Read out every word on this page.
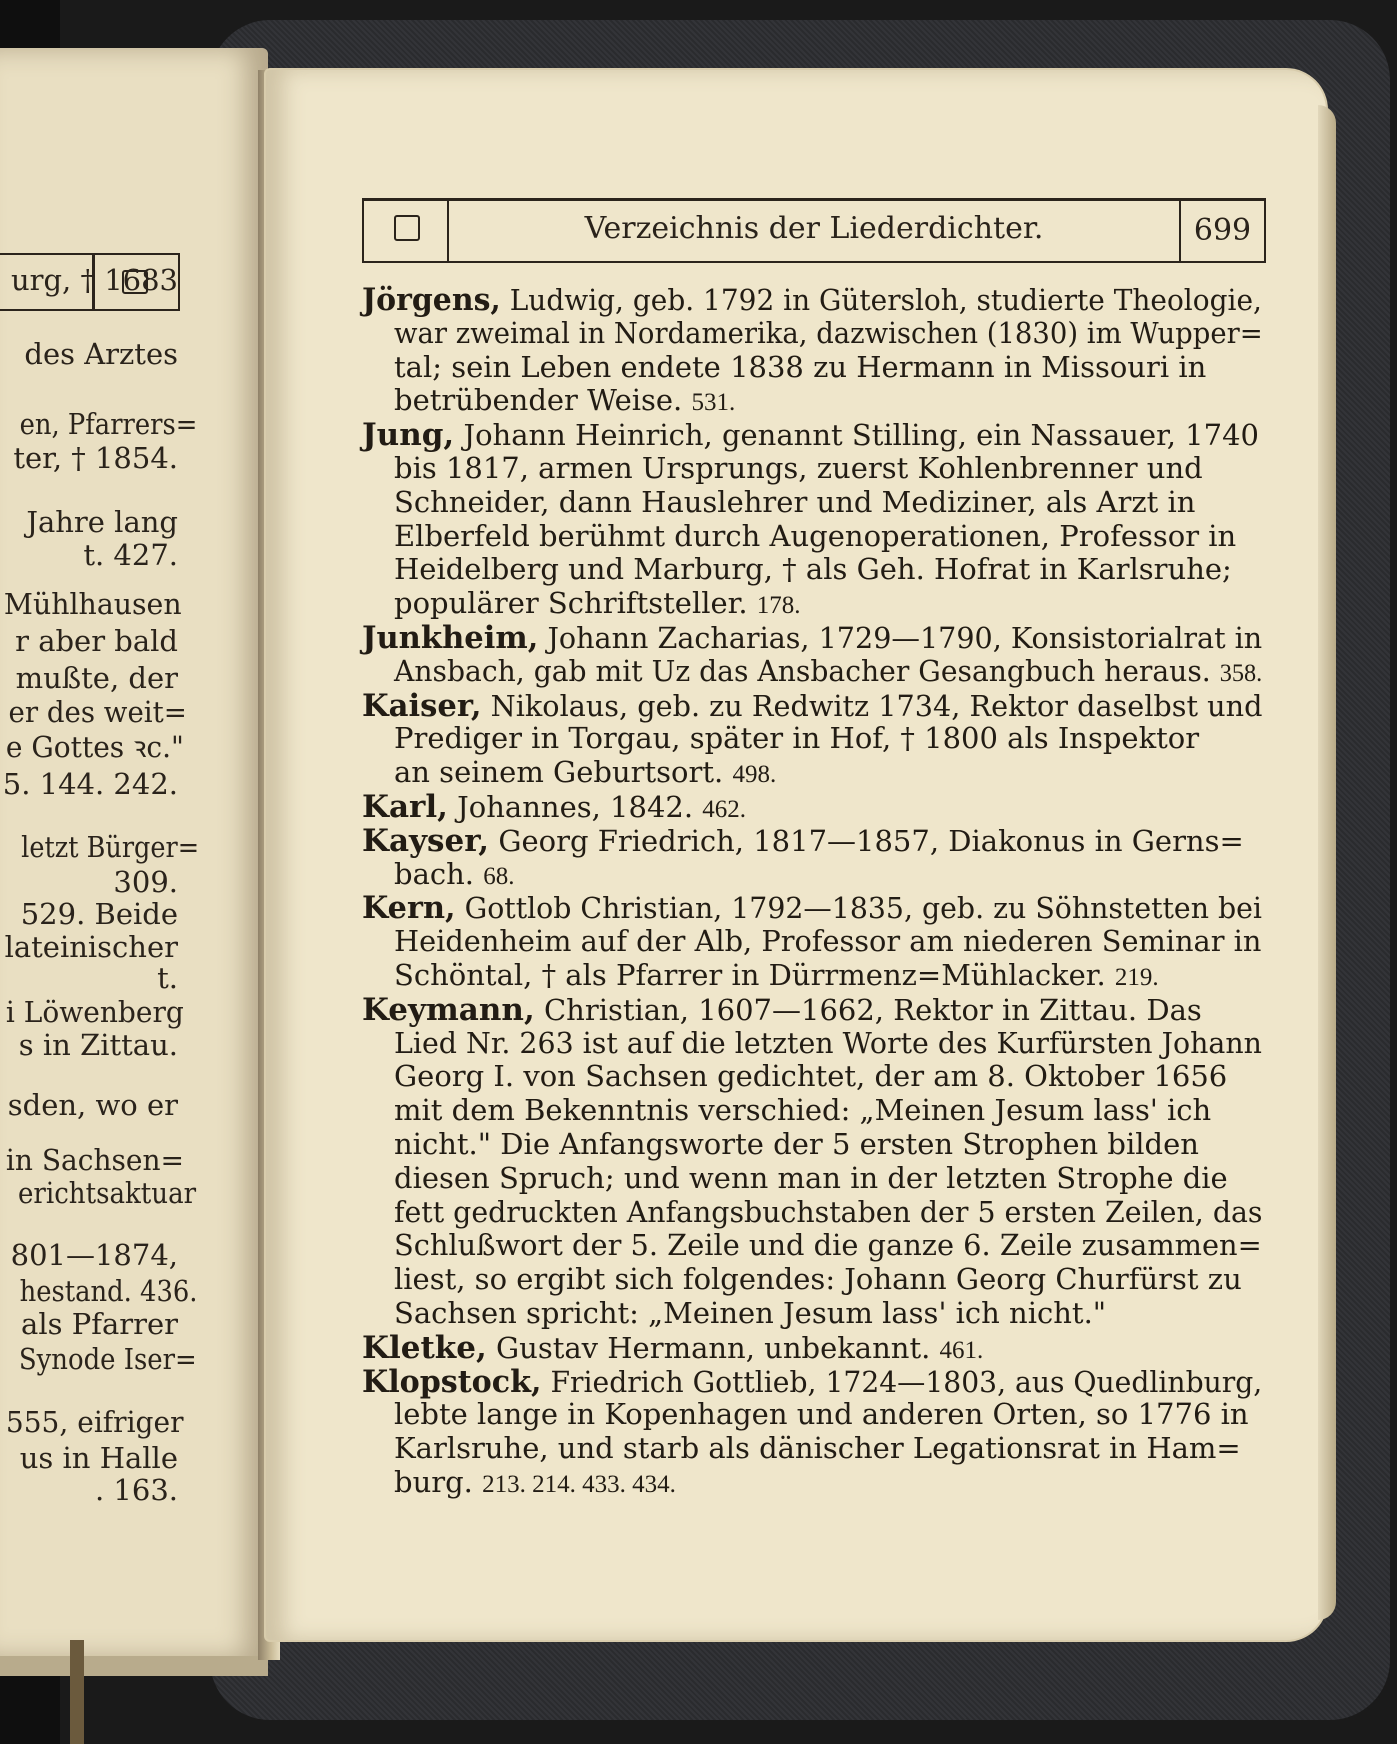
urg, † 1683
des Arztes
en, Pfarrers=
ter, † 1854.
Jahre lang
t. 427.
Mühlhausen
r aber bald
mußte, der
er des weit=
e Gottes ꝛc."
5. 144. 242.
letzt Bürger=
309.
529. Beide
lateinischer
t.
i Löwenberg
s in Zittau.
sden, wo er
in Sachsen=
erichtsaktuar
801—1874,
hestand. 436.
als Pfarrer
Synode Iser=
555, eifriger
us in Halle
. 163.
Verzeichnis der Liederdichter.	699
Jörgens, Ludwig, geb. 1792 in Gütersloh, studierte Theologie,
war zweimal in Nordamerika, dazwischen (1830) im Wupper=
tal; sein Leben endete 1838 zu Hermann in Missouri in
betrübender Weise. 531.
Jung, Johann Heinrich, genannt Stilling, ein Nassauer, 1740
bis 1817, armen Ursprungs, zuerst Kohlenbrenner und
Schneider, dann Hauslehrer und Mediziner, als Arzt in
Elberfeld berühmt durch Augenoperationen, Professor in
Heidelberg und Marburg, † als Geh. Hofrat in Karlsruhe;
populärer Schriftsteller. 178.
Junkheim, Johann Zacharias, 1729—1790, Konsistorialrat in
Ansbach, gab mit Uz das Ansbacher Gesangbuch heraus. 358.
Kaiser, Nikolaus, geb. zu Redwitz 1734, Rektor daselbst und
Prediger in Torgau, später in Hof, † 1800 als Inspektor
an seinem Geburtsort. 498.
Karl, Johannes, 1842. 462.
Kayser, Georg Friedrich, 1817—1857, Diakonus in Gerns=
bach. 68.
Kern, Gottlob Christian, 1792—1835, geb. zu Söhnstetten bei
Heidenheim auf der Alb, Professor am niederen Seminar in
Schöntal, † als Pfarrer in Dürrmenz=Mühlacker. 219.
Keymann, Christian, 1607—1662, Rektor in Zittau. Das
Lied Nr. 263 ist auf die letzten Worte des Kurfürsten Johann
Georg I. von Sachsen gedichtet, der am 8. Oktober 1656
mit dem Bekenntnis verschied: „Meinen Jesum lass' ich
nicht." Die Anfangsworte der 5 ersten Strophen bilden
diesen Spruch; und wenn man in der letzten Strophe die
fett gedruckten Anfangsbuchstaben der 5 ersten Zeilen, das
Schlußwort der 5. Zeile und die ganze 6. Zeile zusammen=
liest, so ergibt sich folgendes: Johann Georg Churfürst zu
Sachsen spricht: „Meinen Jesum lass' ich nicht."
Kletke, Gustav Hermann, unbekannt. 461.
Klopstock, Friedrich Gottlieb, 1724—1803, aus Quedlinburg,
lebte lange in Kopenhagen und anderen Orten, so 1776 in
Karlsruhe, und starb als dänischer Legationsrat in Ham=
burg. 213. 214. 433. 434.
